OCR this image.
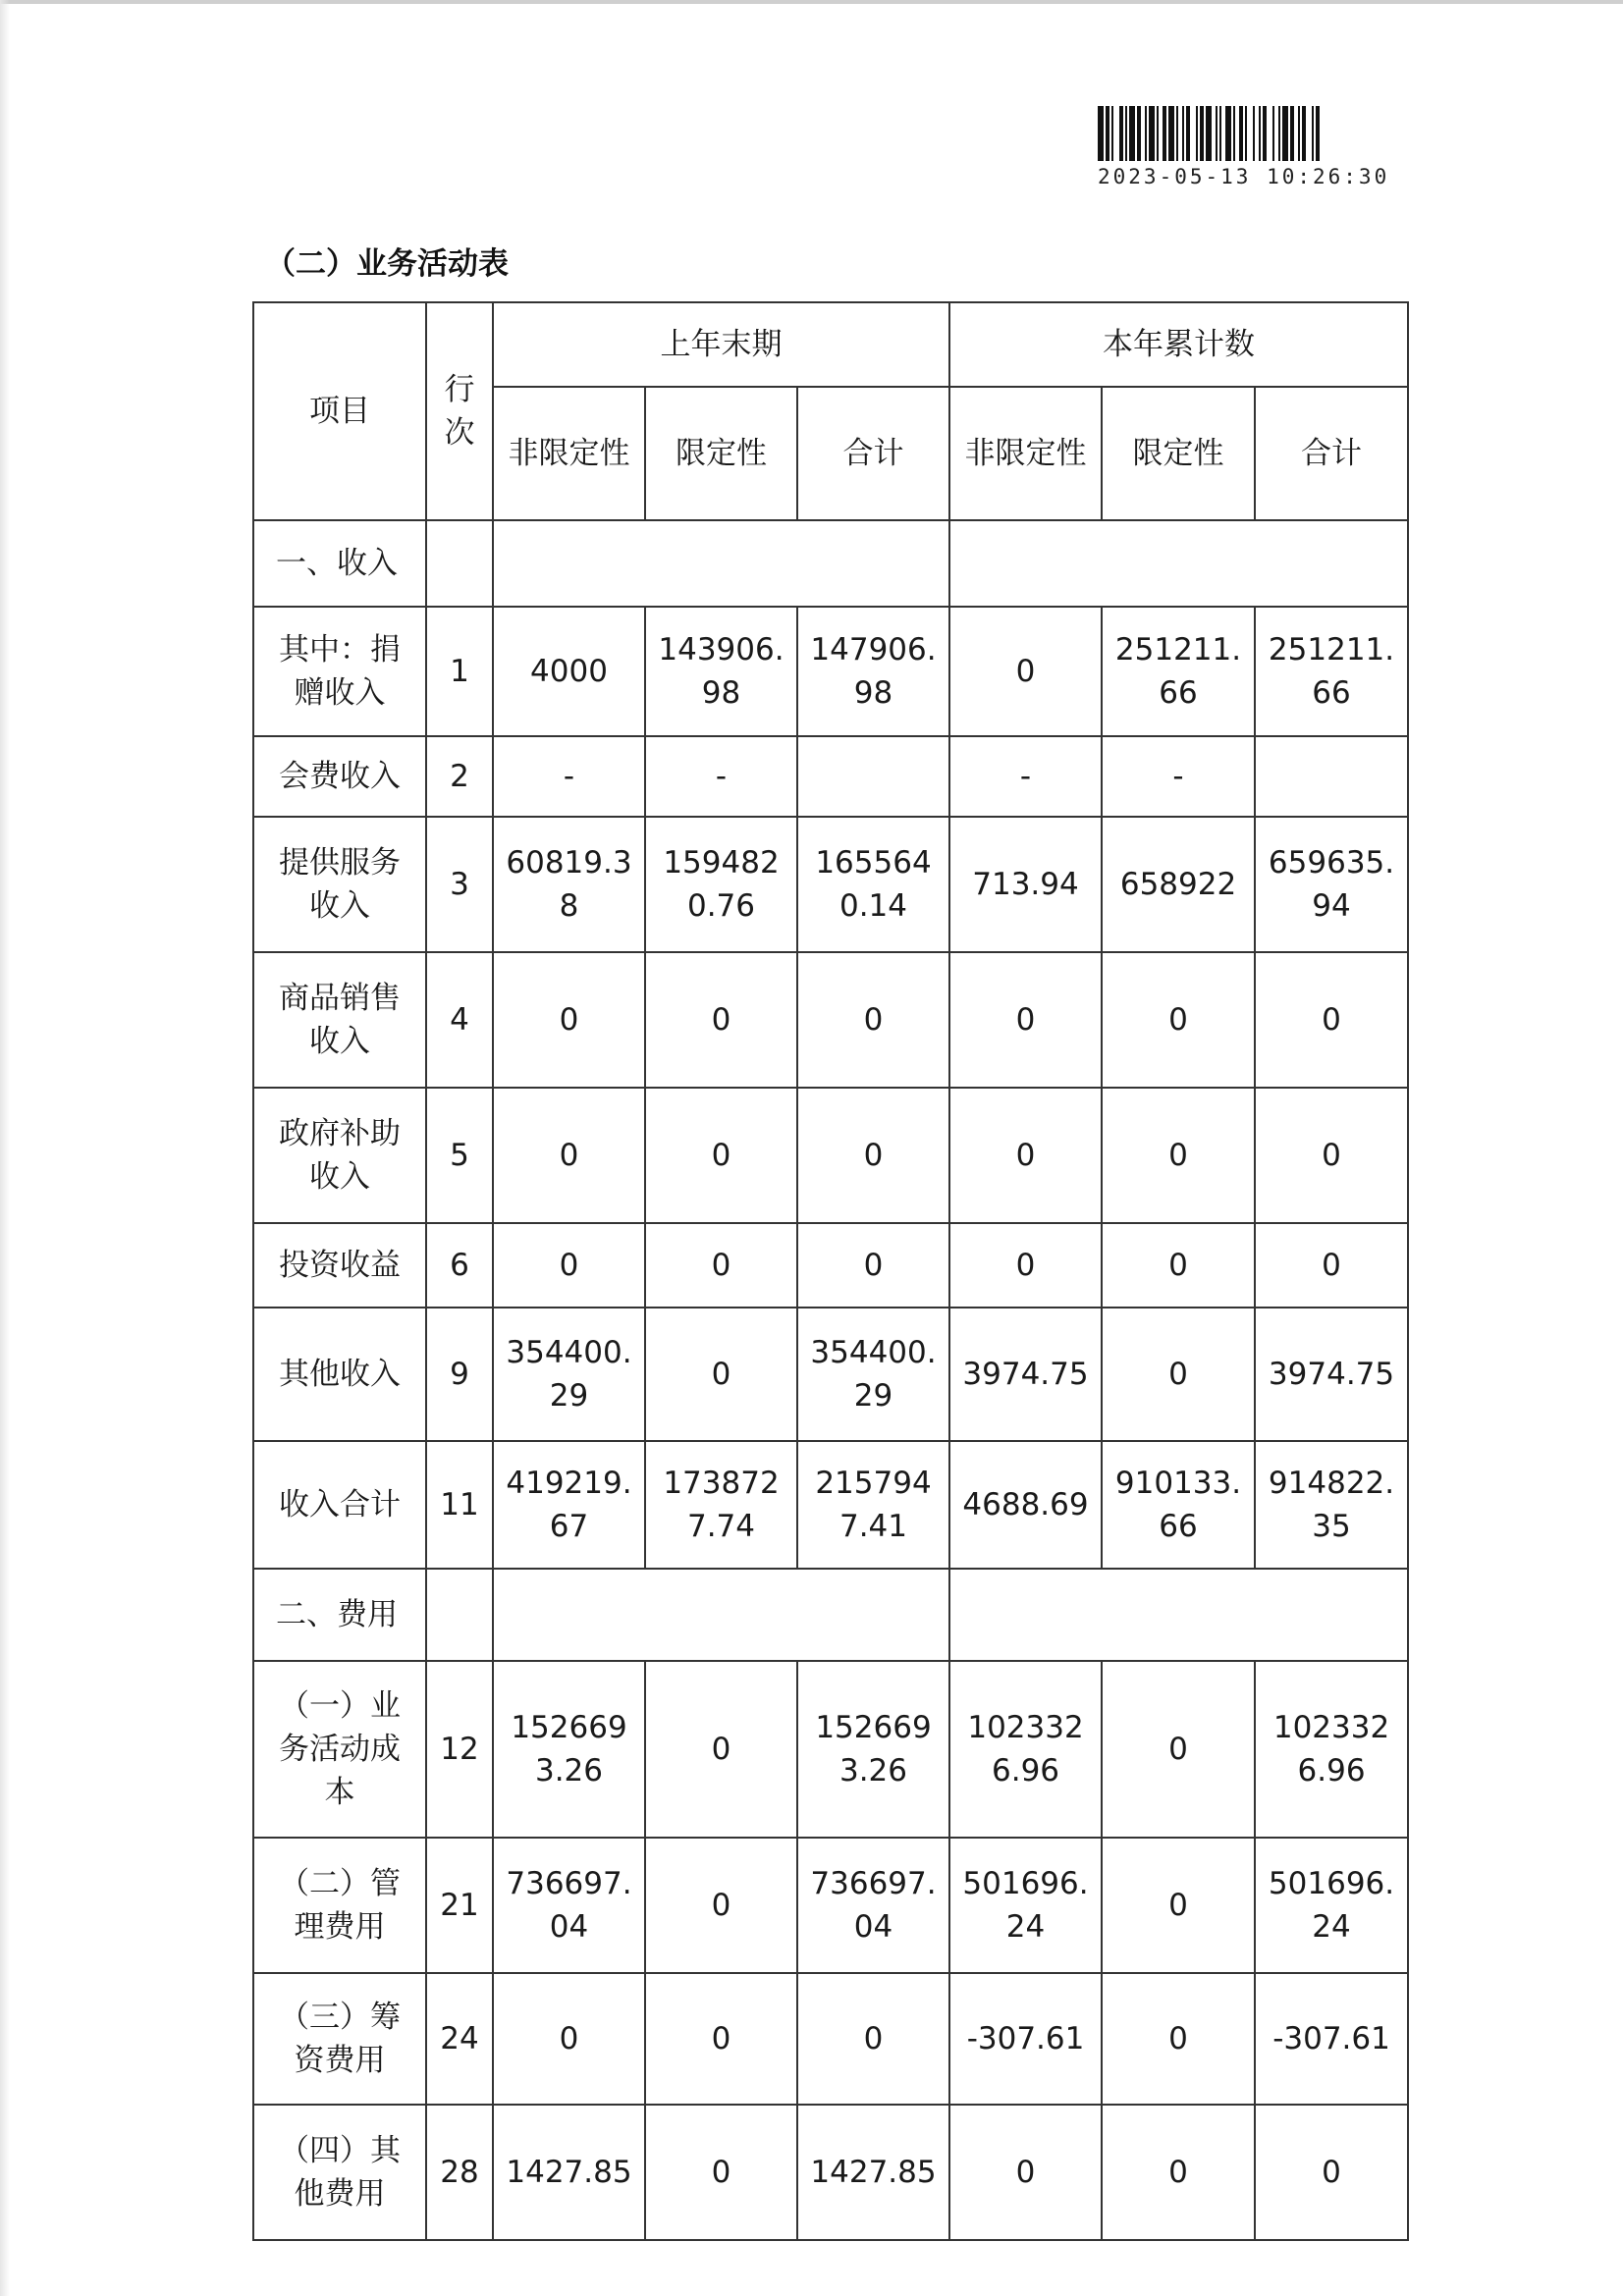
2023-05-13 10:26:30
（二）业务活动表
项目	行次	上年末期			本年累计数		
		非限定性	限定性	合计	非限定性	限定性	合计
一、收入							
其中：捐赠收入	1	4000	143906.98	147906.98	0	251211.66	251211.66
会费收入	2	-	-		-	-	
提供服务收入	3	60819.38	1594820.76	1655640.14	713.94	658922	659635.94
商品销售收入	4	0	0	0	0	0	0
政府补助收入	5	0	0	0	0	0	0
投资收益	6	0	0	0	0	0	0
其他收入	9	354400.29	0	354400.29	3974.75	0	3974.75
收入合计	11	419219.67	1738727.74	2157947.41	4688.69	910133.66	914822.35
二、费用							
（一）业务活动成本	12	1526693.26	0	1526693.26	1023326.96	0	1023326.96
（二）管理费用	21	736697.04	0	736697.04	501696.24	0	501696.24
（三）筹资费用	24	0	0	0	-307.61	0	-307.61
（四）其他费用	28	1427.85	0	1427.85	0	0	0
